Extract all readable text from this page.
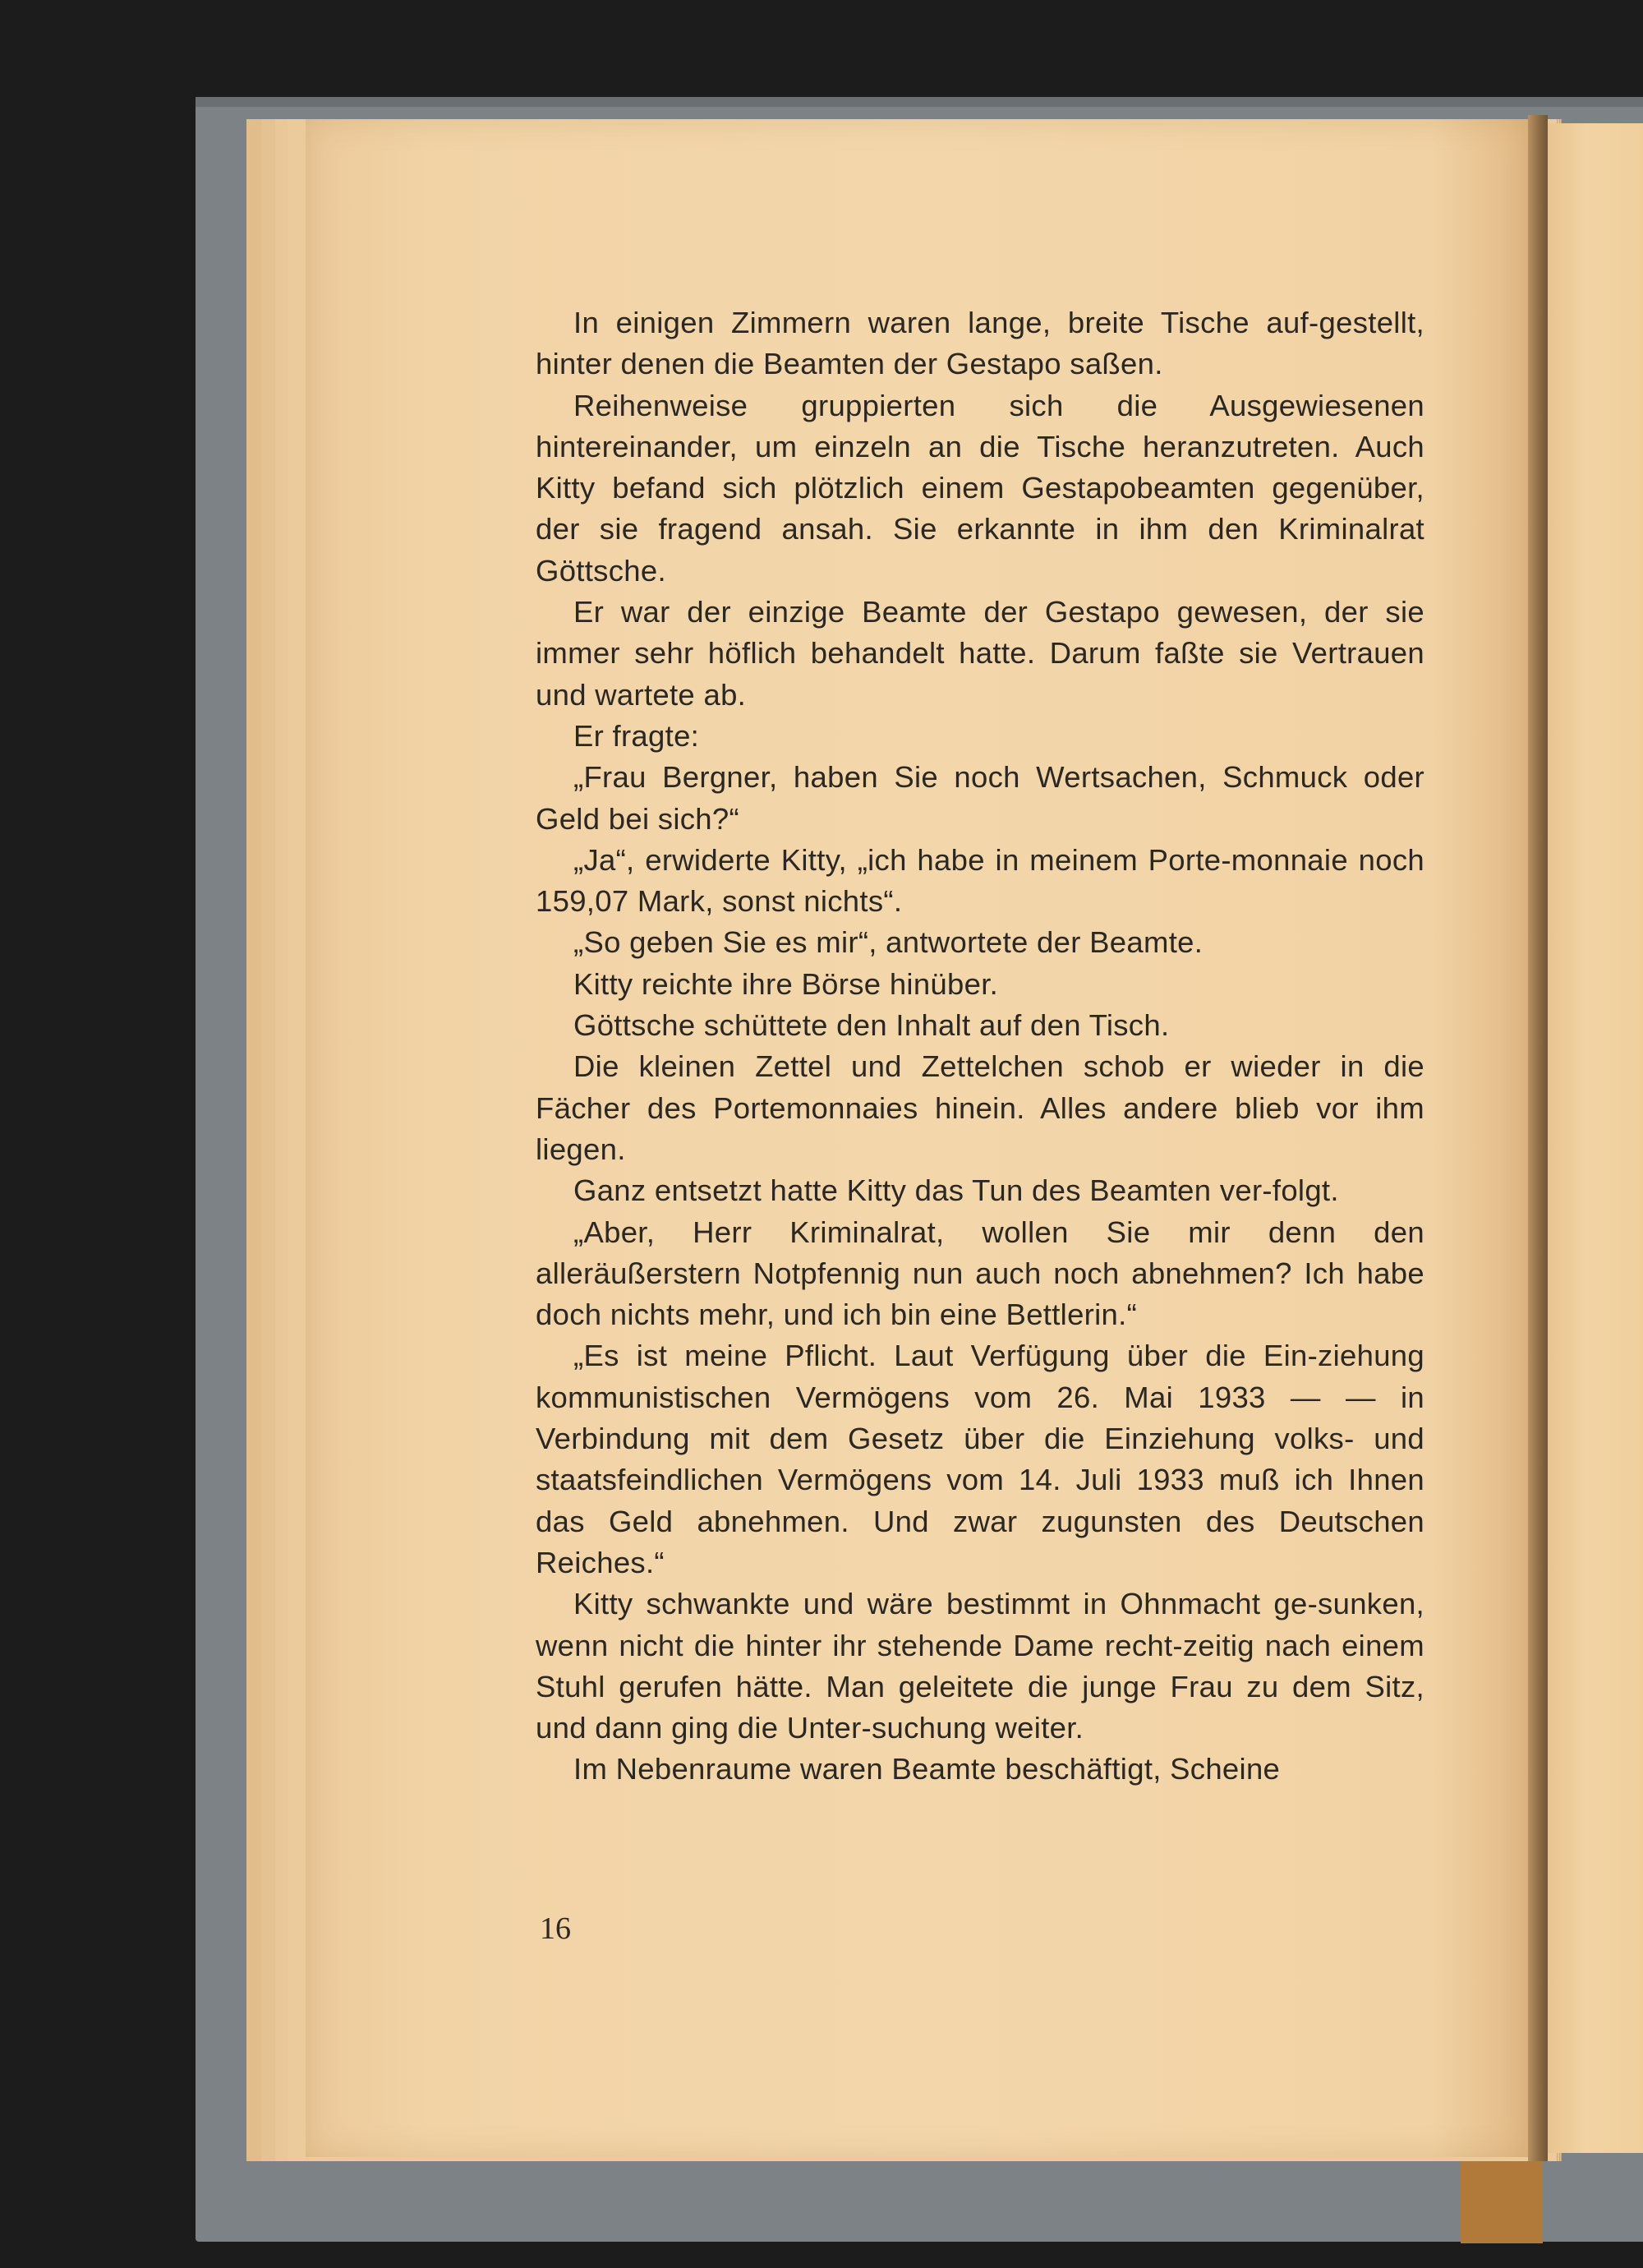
In einigen Zimmern waren lange, breite Tische auf-gestellt, hinter denen die Beamten der Gestapo saßen.

Reihenweise gruppierten sich die Ausgewiesenen hintereinander, um einzeln an die Tische heranzutreten. Auch Kitty befand sich plötzlich einem Gestapobeamten gegenüber, der sie fragend ansah. Sie erkannte in ihm den Kriminalrat Göttsche.

Er war der einzige Beamte der Gestapo gewesen, der sie immer sehr höflich behandelt hatte. Darum faßte sie Vertrauen und wartete ab.

Er fragte:

„Frau Bergner, haben Sie noch Wertsachen, Schmuck oder Geld bei sich?“

„Ja“, erwiderte Kitty, „ich habe in meinem Porte-monnaie noch 159,07 Mark, sonst nichts“.

„So geben Sie es mir“, antwortete der Beamte.

Kitty reichte ihre Börse hinüber.

Göttsche schüttete den Inhalt auf den Tisch.

Die kleinen Zettel und Zettelchen schob er wieder in die Fächer des Portemonnaies hinein. Alles andere blieb vor ihm liegen.

Ganz entsetzt hatte Kitty das Tun des Beamten ver-folgt.

„Aber, Herr Kriminalrat, wollen Sie mir denn den alleräußerstern Notpfennig nun auch noch abnehmen? Ich habe doch nichts mehr, und ich bin eine Bettlerin.“

„Es ist meine Pflicht. Laut Verfügung über die Ein-ziehung kommunistischen Vermögens vom 26. Mai 1933 — — in Verbindung mit dem Gesetz über die Einziehung volks- und staatsfeindlichen Vermögens vom 14. Juli 1933 muß ich Ihnen das Geld abnehmen. Und zwar zugunsten des Deutschen Reiches.“

Kitty schwankte und wäre bestimmt in Ohnmacht ge-sunken, wenn nicht die hinter ihr stehende Dame recht-zeitig nach einem Stuhl gerufen hätte. Man geleitete die junge Frau zu dem Sitz, und dann ging die Unter-suchung weiter.

Im Nebenraume waren Beamte beschäftigt, Scheine

16
